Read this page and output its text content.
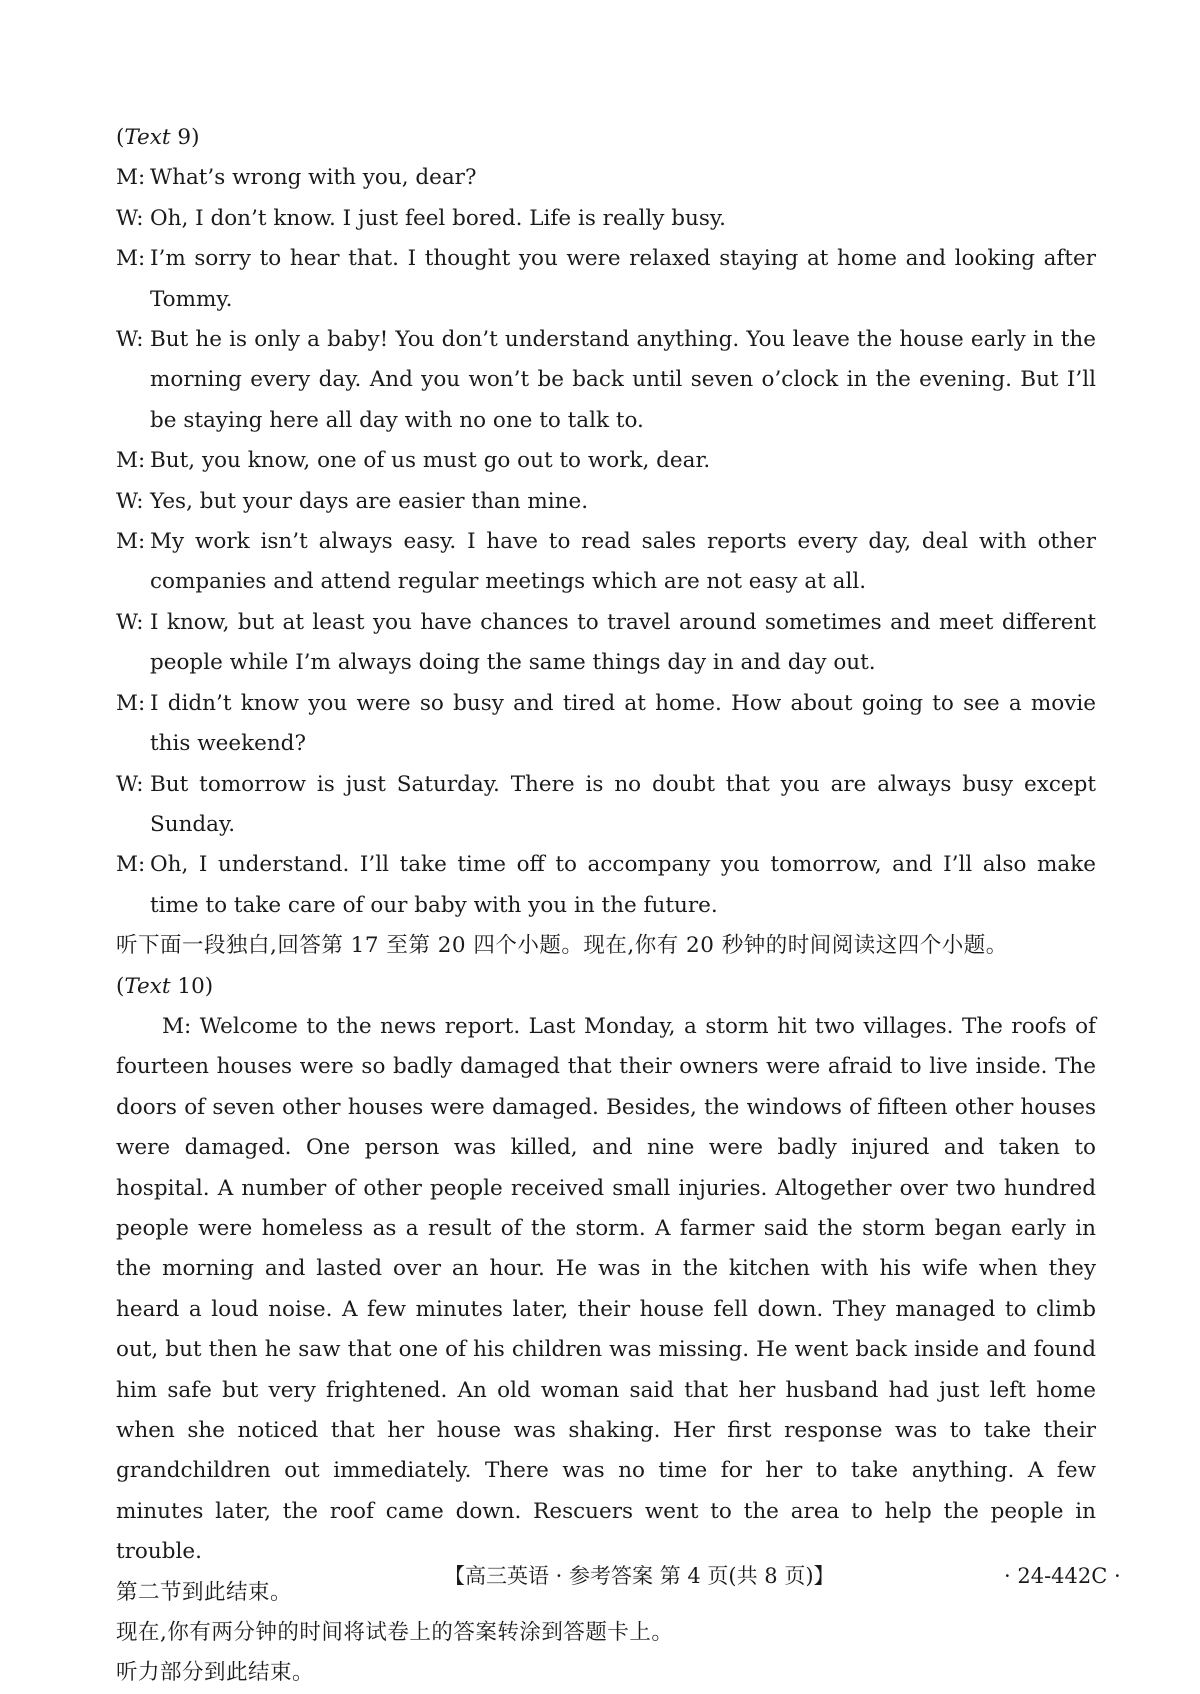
(Text 9)
M: What’s wrong with you, dear?
W: Oh, I don’t know. I just feel bored. Life is really busy.
M: I’m sorry to hear that. I thought you were relaxed staying at home and looking after Tommy.
W: But he is only a baby! You don’t understand anything. You leave the house early in the morning every day. And you won’t be back until seven o’clock in the evening. But I’ll be staying here all day with no one to talk to.
M: But, you know, one of us must go out to work, dear.
W: Yes, but your days are easier than mine.
M: My work isn’t always easy. I have to read sales reports every day, deal with other companies and attend regular meetings which are not easy at all.
W: I know, but at least you have chances to travel around sometimes and meet different people while I’m always doing the same things day in and day out.
M: I didn’t know you were so busy and tired at home. How about going to see a movie this weekend?
W: But tomorrow is just Saturday. There is no doubt that you are always busy except Sunday.
M: Oh, I understand. I’ll take time off to accompany you tomorrow, and I’ll also make time to take care of our baby with you in the future.
听下面一段独白,回答第 17 至第 20 四个小题。现在,你有 20 秒钟的时间阅读这四个小题。
(Text 10)
M: Welcome to the news report. Last Monday, a storm hit two villages. The roofs of fourteen houses were so badly damaged that their owners were afraid to live inside. The doors of seven other houses were damaged. Besides, the windows of fifteen other houses were damaged. One person was killed, and nine were badly injured and taken to hospital. A number of other people received small injuries. Altogether over two hundred people were homeless as a result of the storm. A farmer said the storm began early in the morning and lasted over an hour. He was in the kitchen with his wife when they heard a loud noise. A few minutes later, their house fell down. They managed to climb out, but then he saw that one of his children was missing. He went back inside and found him safe but very frightened. An old woman said that her husband had just left home when she noticed that her house was shaking. Her first response was to take their grandchildren out immediately. There was no time for her to take anything. A few minutes later, the roof came down. Rescuers went to the area to help the people in trouble.
第二节到此结束。
现在,你有两分钟的时间将试卷上的答案转涂到答题卡上。
听力部分到此结束。
【高三英语 · 参考答案 第 4 页(共 8 页)】	· 24-442C ·
